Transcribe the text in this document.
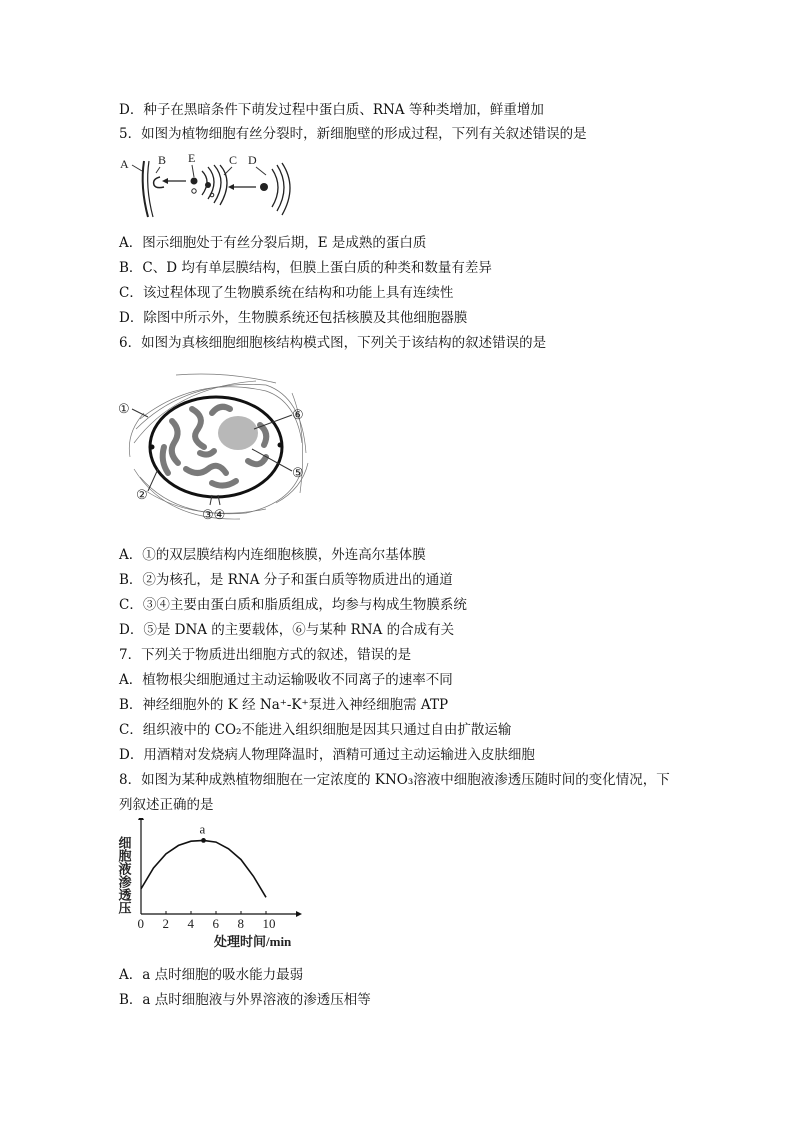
D．种子在黑暗条件下萌发过程中蛋白质、RNA 等种类增加，鲜重增加
5．如图为植物细胞有丝分裂时，新细胞壁的形成过程，下列有关叙述错误的是
A B E	C D
A．图示细胞处于有丝分裂后期，E 是成熟的蛋白质
B．C、D 均有单层膜结构，但膜上蛋白质的种类和数量有差异
C．该过程体现了生物膜系统在结构和功能上具有连续性
D．除图中所示外，生物膜系统还包括核膜及其他细胞器膜
6．如图为真核细胞细胞核结构模式图，下列关于该结构的叙述错误的是
①
②
③④
⑤
⑥
A．①的双层膜结构内连细胞核膜，外连高尔基体膜
B．②为核孔，是 RNA 分子和蛋白质等物质进出的通道
C．③④主要由蛋白质和脂质组成，均参与构成生物膜系统
D．⑤是 DNA 的主要载体，⑥与某种 RNA 的合成有关
7．下列关于物质进出细胞方式的叙述，错误的是
A．植物根尖细胞通过主动运输吸收不同离子的速率不同
B．神经细胞外的 K 经 Na⁺-K⁺泵进入神经细胞需 ATP
C．组织液中的 CO₂不能进入组织细胞是因其只通过自由扩散运输
D．用酒精对发烧病人物理降温时，酒精可通过主动运输进入皮肤细胞
8．如图为某种成熟植物细胞在一定浓度的 KNO₃溶液中细胞液渗透压随时间的变化情况，下
列叙述正确的是
细胞液渗透压
0 2 4 6 8 10
a
处理时间/min
A．a 点时细胞的吸水能力最弱
B．a 点时细胞液与外界溶液的渗透压相等
